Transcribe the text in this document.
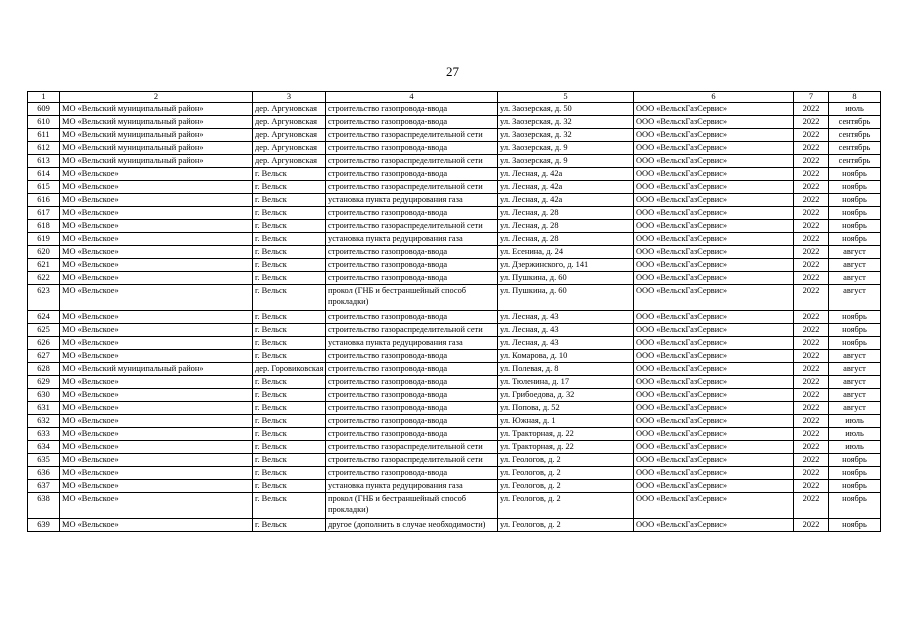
27
1	2	3	4	5	6	7	8
609	МО «Вельский муниципальный район»	дер. Аргуновская	строительство газопровода-ввода	ул. Заозерская, д. 50	ООО «ВельскГазСервис»	2022	июль
610	МО «Вельский муниципальный район»	дер. Аргуновская	строительство газопровода-ввода	ул. Заозерская, д. 32	ООО «ВельскГазСервис»	2022	сентябрь
611	МО «Вельский муниципальный район»	дер. Аргуновская	строительство газораспределительной сети	ул. Заозерская, д. 32	ООО «ВельскГазСервис»	2022	сентябрь
612	МО «Вельский муниципальный район»	дер. Аргуновская	строительство газопровода-ввода	ул. Заозерская, д. 9	ООО «ВельскГазСервис»	2022	сентябрь
613	МО «Вельский муниципальный район»	дер. Аргуновская	строительство газораспределительной сети	ул. Заозерская, д. 9	ООО «ВельскГазСервис»	2022	сентябрь
614	МО «Вельское»	г. Вельск	строительство газопровода-ввода	ул. Лесная, д. 42а	ООО «ВельскГазСервис»	2022	ноябрь
615	МО «Вельское»	г. Вельск	строительство газораспределительной сети	ул. Лесная, д. 42а	ООО «ВельскГазСервис»	2022	ноябрь
616	МО «Вельское»	г. Вельск	установка пункта редуцирования газа	ул. Лесная, д. 42а	ООО «ВельскГазСервис»	2022	ноябрь
617	МО «Вельское»	г. Вельск	строительство газопровода-ввода	ул. Лесная, д. 28	ООО «ВельскГазСервис»	2022	ноябрь
618	МО «Вельское»	г. Вельск	строительство газораспределительной сети	ул. Лесная, д. 28	ООО «ВельскГазСервис»	2022	ноябрь
619	МО «Вельское»	г. Вельск	установка пункта редуцирования газа	ул. Лесная, д. 28	ООО «ВельскГазСервис»	2022	ноябрь
620	МО «Вельское»	г. Вельск	строительство газопровода-ввода	ул. Есенина, д. 24	ООО «ВельскГазСервис»	2022	август
621	МО «Вельское»	г. Вельск	строительство газопровода-ввода	ул. Дзержинского, д. 141	ООО «ВельскГазСервис»	2022	август
622	МО «Вельское»	г. Вельск	строительство газопровода-ввода	ул. Пушкина, д. 60	ООО «ВельскГазСервис»	2022	август
623	МО «Вельское»	г. Вельск	прокол (ГНБ и бестраншейный способ прокладки)	ул. Пушкина, д. 60	ООО «ВельскГазСервис»	2022	август
624	МО «Вельское»	г. Вельск	строительство газопровода-ввода	ул. Лесная, д. 43	ООО «ВельскГазСервис»	2022	ноябрь
625	МО «Вельское»	г. Вельск	строительство газораспределительной сети	ул. Лесная, д. 43	ООО «ВельскГазСервис»	2022	ноябрь
626	МО «Вельское»	г. Вельск	установка пункта редуцирования газа	ул. Лесная, д. 43	ООО «ВельскГазСервис»	2022	ноябрь
627	МО «Вельское»	г. Вельск	строительство газопровода-ввода	ул. Комарова, д. 10	ООО «ВельскГазСервис»	2022	август
628	МО «Вельский муниципальный район»	дер. Горовиковская	строительство газопровода-ввода	ул. Полевая, д. 8	ООО «ВельскГазСервис»	2022	август
629	МО «Вельское»	г. Вельск	строительство газопровода-ввода	ул. Тюленина, д. 17	ООО «ВельскГазСервис»	2022	август
630	МО «Вельское»	г. Вельск	строительство газопровода-ввода	ул. Грибоедова, д. 32	ООО «ВельскГазСервис»	2022	август
631	МО «Вельское»	г. Вельск	строительство газопровода-ввода	ул. Попова, д. 52	ООО «ВельскГазСервис»	2022	август
632	МО «Вельское»	г. Вельск	строительство газопровода-ввода	ул. Южная, д. 1	ООО «ВельскГазСервис»	2022	июль
633	МО «Вельское»	г. Вельск	строительство газопровода-ввода	ул. Тракторная, д. 22	ООО «ВельскГазСервис»	2022	июль
634	МО «Вельское»	г. Вельск	строительство газораспределительной сети	ул. Тракторная, д. 22	ООО «ВельскГазСервис»	2022	июль
635	МО «Вельское»	г. Вельск	строительство газораспределительной сети	ул. Геологов, д. 2	ООО «ВельскГазСервис»	2022	ноябрь
636	МО «Вельское»	г. Вельск	строительство газопровода-ввода	ул. Геологов, д. 2	ООО «ВельскГазСервис»	2022	ноябрь
637	МО «Вельское»	г. Вельск	установка пункта редуцирования газа	ул. Геологов, д. 2	ООО «ВельскГазСервис»	2022	ноябрь
638	МО «Вельское»	г. Вельск	прокол (ГНБ и бестраншейный способ прокладки)	ул. Геологов, д. 2	ООО «ВельскГазСервис»	2022	ноябрь
639	МО «Вельское»	г. Вельск	другое (дополнить в случае необходимости)	ул. Геологов, д. 2	ООО «ВельскГазСервис»	2022	ноябрь
